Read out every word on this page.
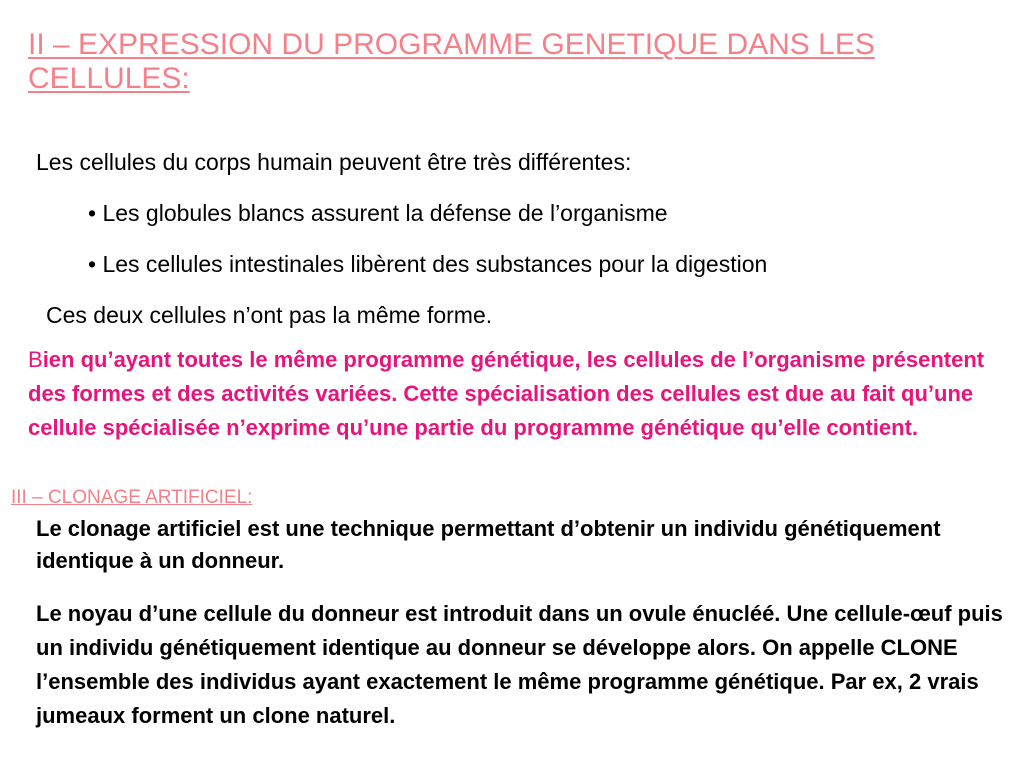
II – EXPRESSION DU PROGRAMME GENETIQUE DANS LES CELLULES:
Les cellules du corps humain peuvent être très différentes:
• Les globules blancs assurent la défense de l’organisme
• Les cellules intestinales libèrent des substances pour la digestion
Ces deux cellules n’ont pas la même forme.
Bien qu’ayant toutes le même programme génétique, les cellules de l’organisme présentent des formes et des activités variées. Cette spécialisation des cellules est due au fait qu’une cellule spécialisée n’exprime qu’une partie du programme génétique qu’elle contient.
III – CLONAGE ARTIFICIEL:
Le clonage artificiel est une technique permettant d’obtenir un individu génétiquement identique à un donneur.
Le noyau d’une cellule du donneur est introduit dans un ovule énucléé. Une cellule-œuf puis un individu génétiquement identique au donneur se développe alors. On appelle CLONE l’ensemble des individus ayant exactement le même programme génétique. Par ex, 2 vrais jumeaux forment un clone naturel.
